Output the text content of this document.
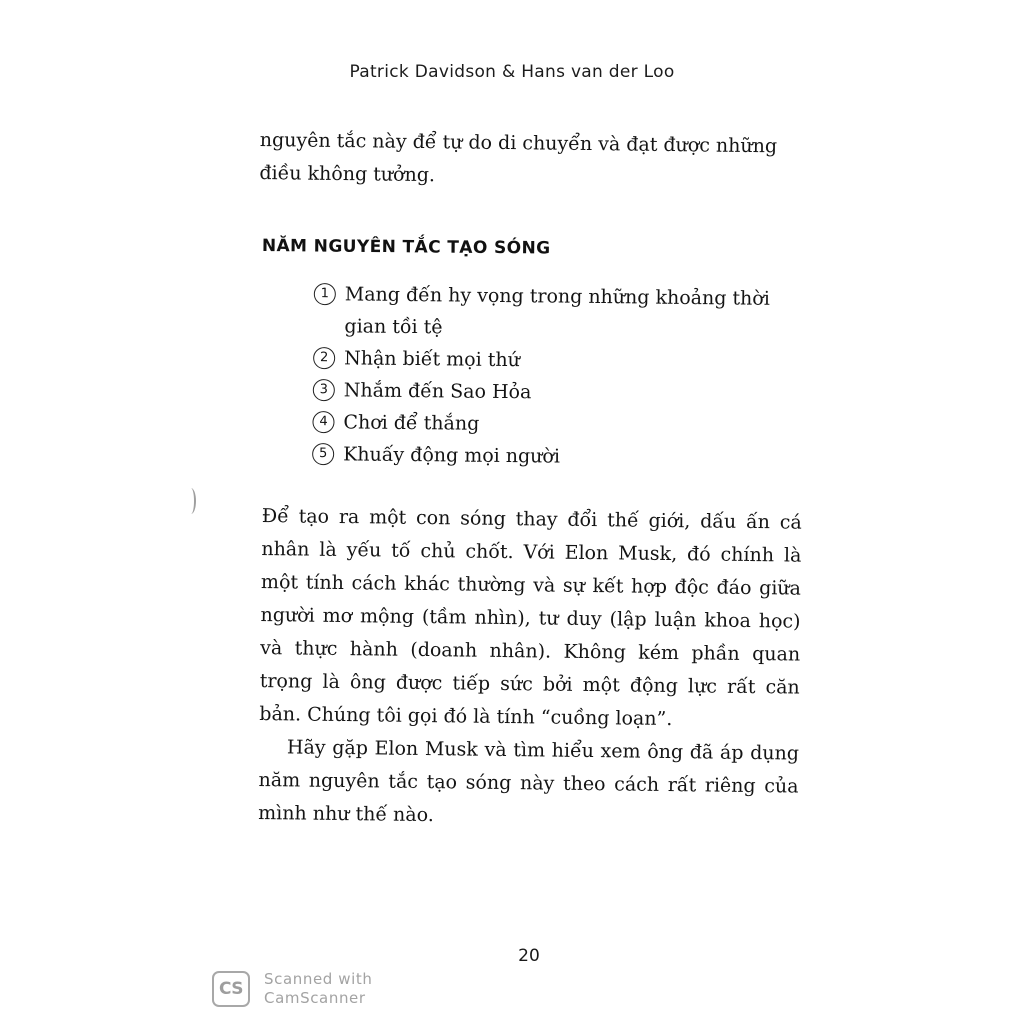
Patrick Davidson & Hans van der Loo

nguyên tắc này để tự do di chuyển và đạt được những

điều không tưởng.

NĂM NGUYÊN TẮC TẠO SÓNG
1 Mang đến hy vọng trong những khoảng thời gian tồi tệ
2 Nhận biết mọi thứ
3 Nhắm đến Sao Hỏa
4 Chơi để thắng
5 Khuấy động mọi người

Để tạo ra một con sóng thay đổi thế giới, dấu ấn cá nhân là yếu tố chủ chốt. Với Elon Musk, đó chính là một tính cách khác thường và sự kết hợp độc đáo giữa người mơ mộng (tầm nhìn), tư duy (lập luận khoa học) và thực hành (doanh nhân). Không kém phần quan trọng là ông được tiếp sức bởi một động lực rất căn bản. Chúng tôi gọi đó là tính “cuồng loạn”.

Hãy gặp Elon Musk và tìm hiểu xem ông đã áp dụng năm nguyên tắc tạo sóng này theo cách rất riêng của mình như thế nào.

20
CS	Scanned with
CamScanner
